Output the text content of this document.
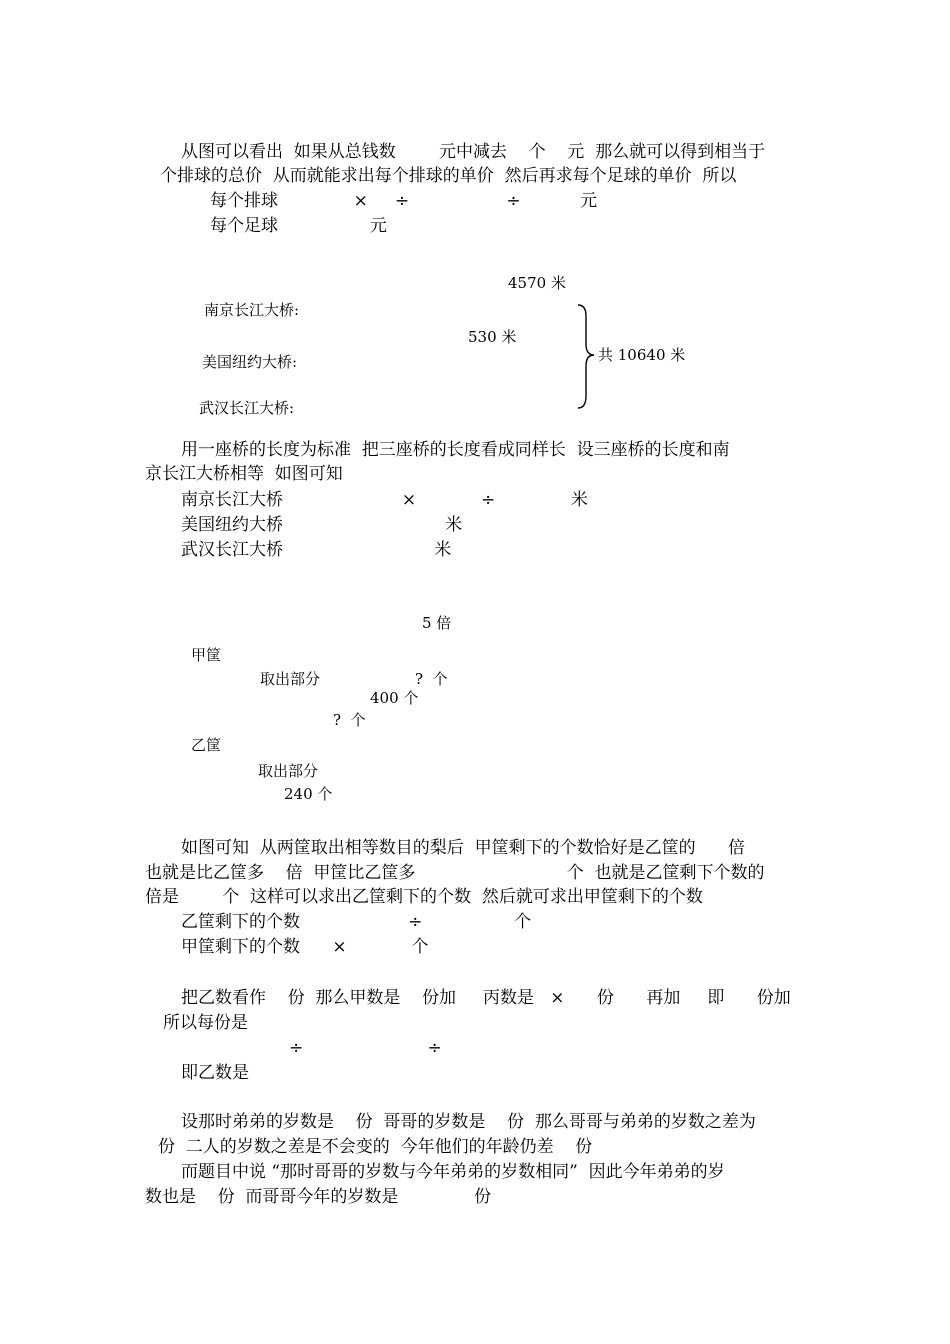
从图可以看出  如果从总钱数        元中减去    个    元  那么就可以得到相当于
个排球的总价  从而就能求出每个排球的单价  然后再求每个足球的单价  所以
每个排球              ×     ÷                  ÷           元
每个足球                 元
4570 米
南京长江大桥:
530 米
美国纽约大桥:	共 10640 米
武汉长江大桥:
用一座桥的长度为标准  把三座桥的长度看成同样长  设三座桥的长度和南
京长江大桥相等  如图可知
南京长江大桥                      ×            ÷              米
美国纽约大桥                              米
武汉长江大桥                            米
5 倍
甲筐
取出部分	?  个
400 个
?  个
乙筐
取出部分
240 个
如图可知  从两筐取出相等数目的梨后  甲筐剩下的个数恰好是乙筐的      倍
也就是比乙筐多    倍  甲筐比乙筐多                            个  也就是乙筐剩下个数的
倍是        个  这样可以求出乙筐剩下的个数  然后就可求出甲筐剩下的个数
乙筐剩下的个数                    ÷                 个
甲筐剩下的个数      ×            个
把乙数看作    份  那么甲数是    份加     丙数是   ×      份      再加     即      份加
所以每份是
÷                       ÷
即乙数是
设那时弟弟的岁数是    份  哥哥的岁数是    份  那么哥哥与弟弟的岁数之差为
份  二人的岁数之差是不会变的  今年他们的年龄仍差    份
而题目中说 “那时哥哥的岁数与今年弟弟的岁数相同”  因此今年弟弟的岁
数也是    份  而哥哥今年的岁数是              份
